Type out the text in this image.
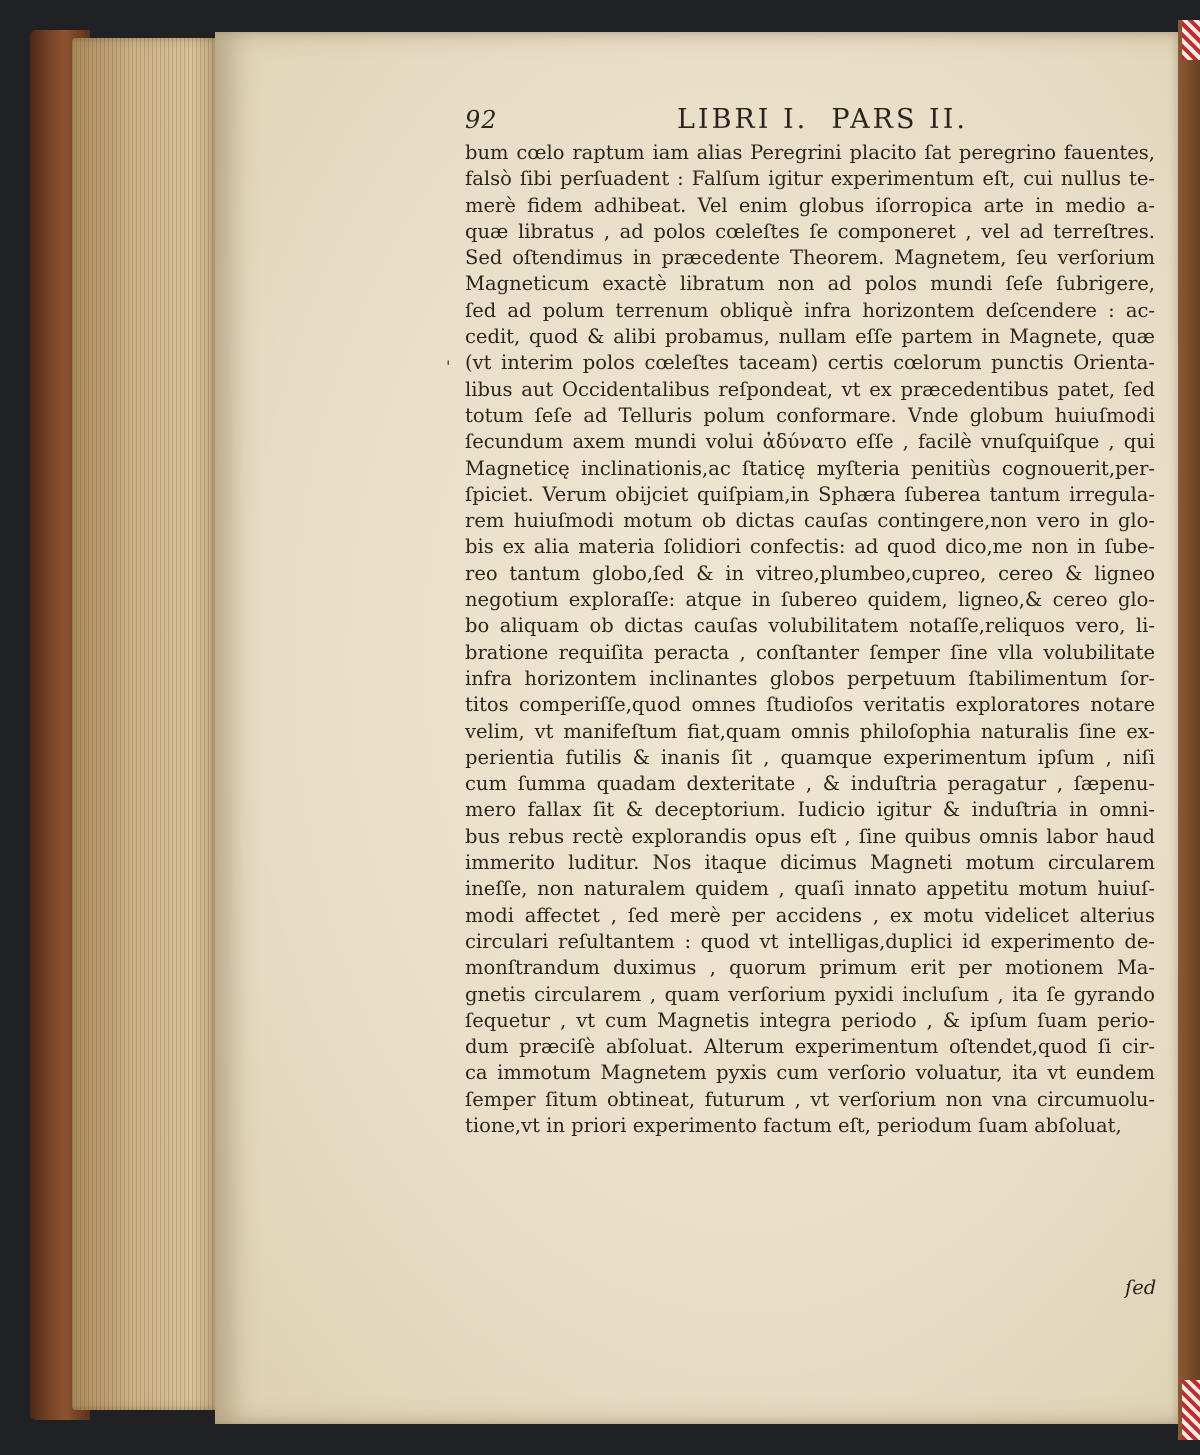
92	LIBRI I.  PARS II.
'
bum cœlo raptum iam alias Peregrini placito ſat peregrino fauentes,
falsò ſibi perſuadent : Falſum igitur experimentum eſt, cui nullus te-
merè fidem adhibeat. Vel enim globus iſorropica arte in medio a-
quæ libratus , ad polos cœleſtes ſe componeret , vel ad terreſtres.
Sed oſtendimus in præcedente Theorem. Magnetem, ſeu verſorium
Magneticum exactè libratum non ad polos mundi ſeſe ſubrigere,
ſed ad polum terrenum obliquè infra horizontem deſcendere : ac-
cedit, quod & alibi probamus, nullam eſſe partem in Magnete, quæ
(vt interim polos cœleſtes taceam) certis cœlorum punctis Orienta-
libus aut Occidentalibus reſpondeat, vt ex præcedentibus patet, ſed
totum ſeſe ad Telluris polum conformare. Vnde globum huiuſmodi
ſecundum axem mundi volui ἀδύνατο eſſe , facilè vnuſquiſque , qui
Magneticę inclinationis,ac ſtaticę myſteria penitiùs cognouerit,per-
ſpiciet. Verum obijciet quiſpiam,in Sphæra ſuberea tantum irregula-
rem huiuſmodi motum ob dictas cauſas contingere,non vero in glo-
bis ex alia materia ſolidiori confectis: ad quod dico,me non in ſube-
reo tantum globo,ſed & in vitreo,plumbeo,cupreo, cereo & ligneo
negotium exploraſſe: atque in ſubereo quidem, ligneo,& cereo glo-
bo aliquam ob dictas cauſas volubilitatem notaſſe,reliquos vero, li-
bratione requiſita peracta , conſtanter ſemper ſine vlla volubilitate
infra horizontem inclinantes globos perpetuum ſtabilimentum ſor-
titos comperiſſe,quod omnes ſtudioſos veritatis exploratores notare
velim, vt manifeſtum fiat,quam omnis philoſophia naturalis ſine ex-
perientia futilis & inanis ſit , quamque experimentum ipſum , niſi
cum ſumma quadam dexteritate , & induſtria peragatur , ſæpenu-
mero fallax ſit & deceptorium. Iudicio igitur & induſtria in omni-
bus rebus rectè explorandis opus eſt , ſine quibus omnis labor haud
immerito luditur. Nos itaque dicimus Magneti motum circularem
ineſſe, non naturalem quidem , quaſi innato appetitu motum huiuſ-
modi affectet , ſed merè per accidens , ex motu videlicet alterius
circulari reſultantem : quod vt intelligas,duplici id experimento de-
monſtrandum duximus , quorum primum erit per motionem Ma-
gnetis circularem , quam verſorium pyxidi incluſum , ita ſe gyrando
ſequetur , vt cum Magnetis integra periodo , & ipſum ſuam perio-
dum præciſè abſoluat. Alterum experimentum oſtendet,quod ſi cir-
ca immotum Magnetem pyxis cum verſorio voluatur, ita vt eundem
ſemper ſitum obtineat, futurum , vt verſorium non vna circumuolu-
tione,vt in priori experimento factum eſt, periodum ſuam abſoluat,
ſed
